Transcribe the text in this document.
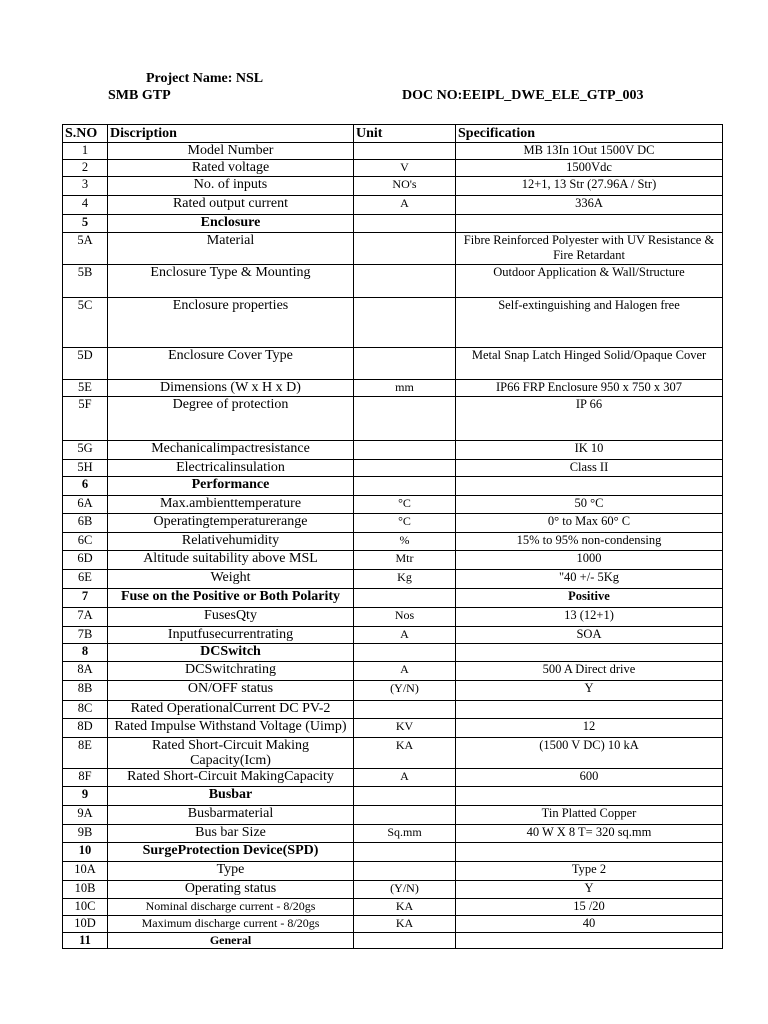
Project Name: NSL
SMB GTP	DOC NO:EEIPL_DWE_ELE_GTP_003
S.NO	Discription	Unit	Specification
1	Model Number		MB 13In 1Out 1500V DC
2	Rated voltage	V	1500Vdc
3	No. of inputs	NO's	12+1, 13 Str (27.96A / Str)
4	Rated output current	A	336A
5	Enclosure		
5A	Material		Fibre Reinforced Polyester with UV Resistance & Fire Retardant
5B	Enclosure Type & Mounting		Outdoor Application & Wall/Structure
5C	Enclosure properties		Self-extinguishing and Halogen free
5D	Enclosure Cover Type		Metal Snap Latch Hinged Solid/Opaque Cover
5E	Dimensions (W x H x D)	mm	IP66 FRP Enclosure 950 x 750 x 307
5F	Degree of protection		IP 66
5G	Mechanicalimpactresistance		IK 10
5H	Electricalinsulation		Class II
6	Performance		
6A	Max.ambienttemperature	°C	50 °C
6B	Operatingtemperaturerange	°C	0° to Max 60° C
6C	Relativehumidity	%	15% to 95% non-condensing
6D	Altitude suitability above MSL	Mtr	1000
6E	Weight	Kg	"40 +/- 5Kg
7	Fuse on the Positive or Both Polarity		Positive
7A	FusesQty	Nos	13 (12+1)
7B	Inputfusecurrentrating	A	SOA
8	DCSwitch		
8A	DCSwitchrating	A	500 A Direct drive
8B	ON/OFF status	(Y/N)	Y
8C	Rated OperationalCurrent DC PV-2		
8D	Rated Impulse Withstand Voltage (Uimp)	KV	12
8E	Rated Short-Circuit Making Capacity(Icm)	KA	(1500 V DC) 10 kA
8F	Rated Short-Circuit MakingCapacity	A	600
9	Busbar		
9A	Busbarmaterial		Tin Platted Copper
9B	Bus bar Size	Sq.mm	40 W X 8 T= 320 sq.mm
10	SurgeProtection Device(SPD)		
10A	Type		Type 2
10B	Operating status	(Y/N)	Y
10C	Nominal discharge current - 8/20gs	KA	15 /20
10D	Maximum discharge current - 8/20gs	KA	40
11	General		
